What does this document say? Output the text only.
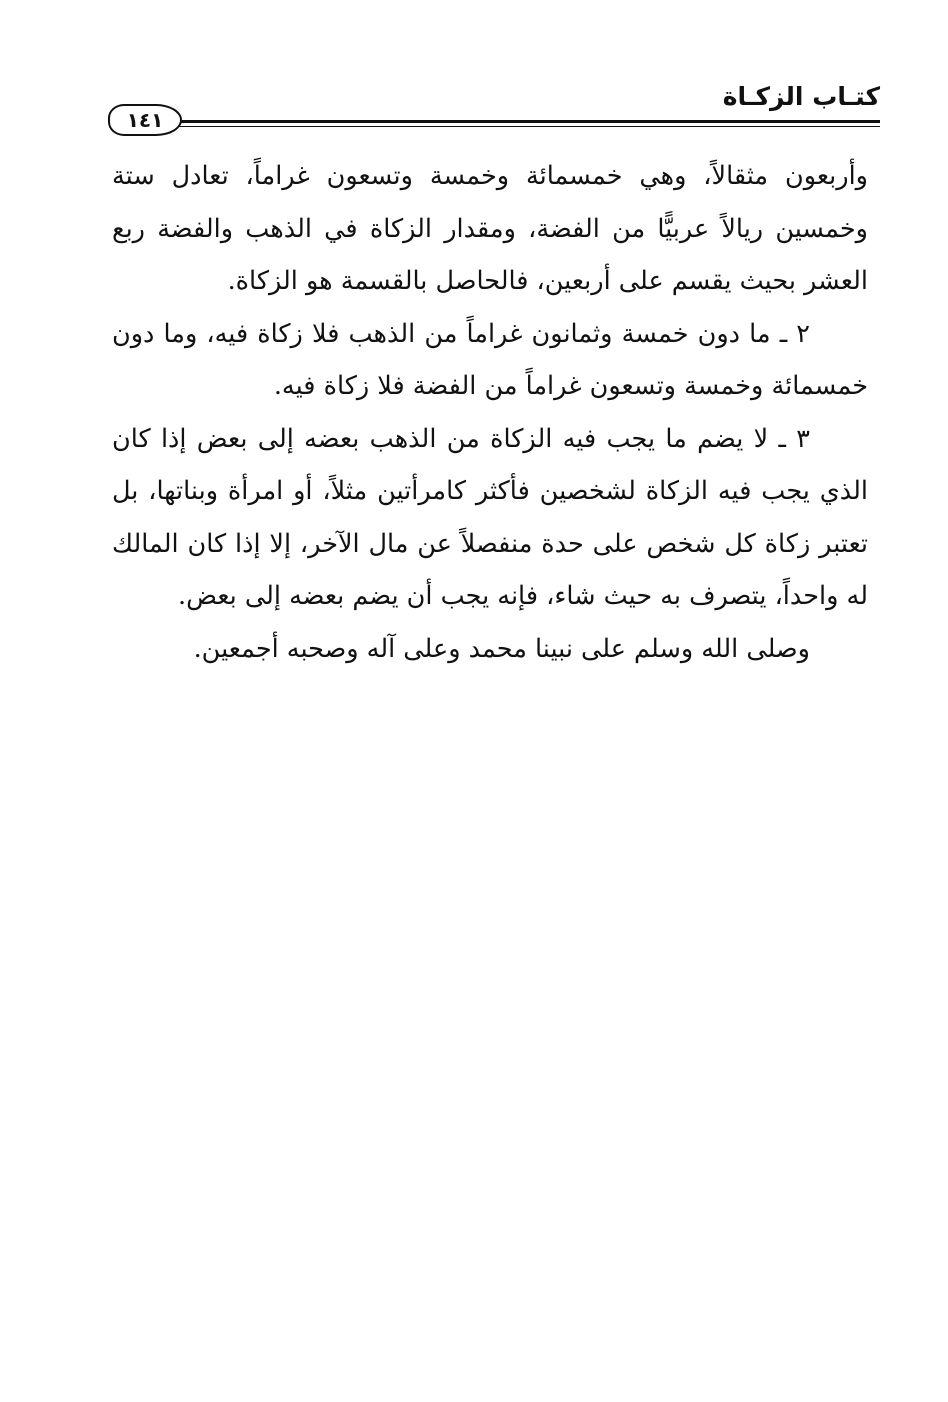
كتـاب الزكـاة
١٤١

وأربعون مثقالاً، وهي خمسمائة وخمسة وتسعون غراماً، تعادل ستة وخمسين ريالاً عربيًّا من الفضة، ومقدار الزكاة في الذهب والفضة ربع العشر بحيث يقسم على أربعين، فالحاصل بالقسمة هو الزكاة.

٢ ـ ما دون خمسة وثمانون غراماً من الذهب فلا زكاة فيه، وما دون خمسمائة وخمسة وتسعون غراماً من الفضة فلا زكاة فيه.

٣ ـ لا يضم ما يجب فيه الزكاة من الذهب بعضه إلى بعض إذا كان الذي يجب فيه الزكاة لشخصين فأكثر كامرأتين مثلاً، أو امرأة وبناتها، بل تعتبر زكاة كل شخص على حدة منفصلاً عن مال الآخر، إلا إذا كان المالك له واحداً، يتصرف به حيث شاء، فإنه يجب أن يضم بعضه إلى بعض.

وصلى الله وسلم على نبينا محمد وعلى آله وصحبه أجمعين.
